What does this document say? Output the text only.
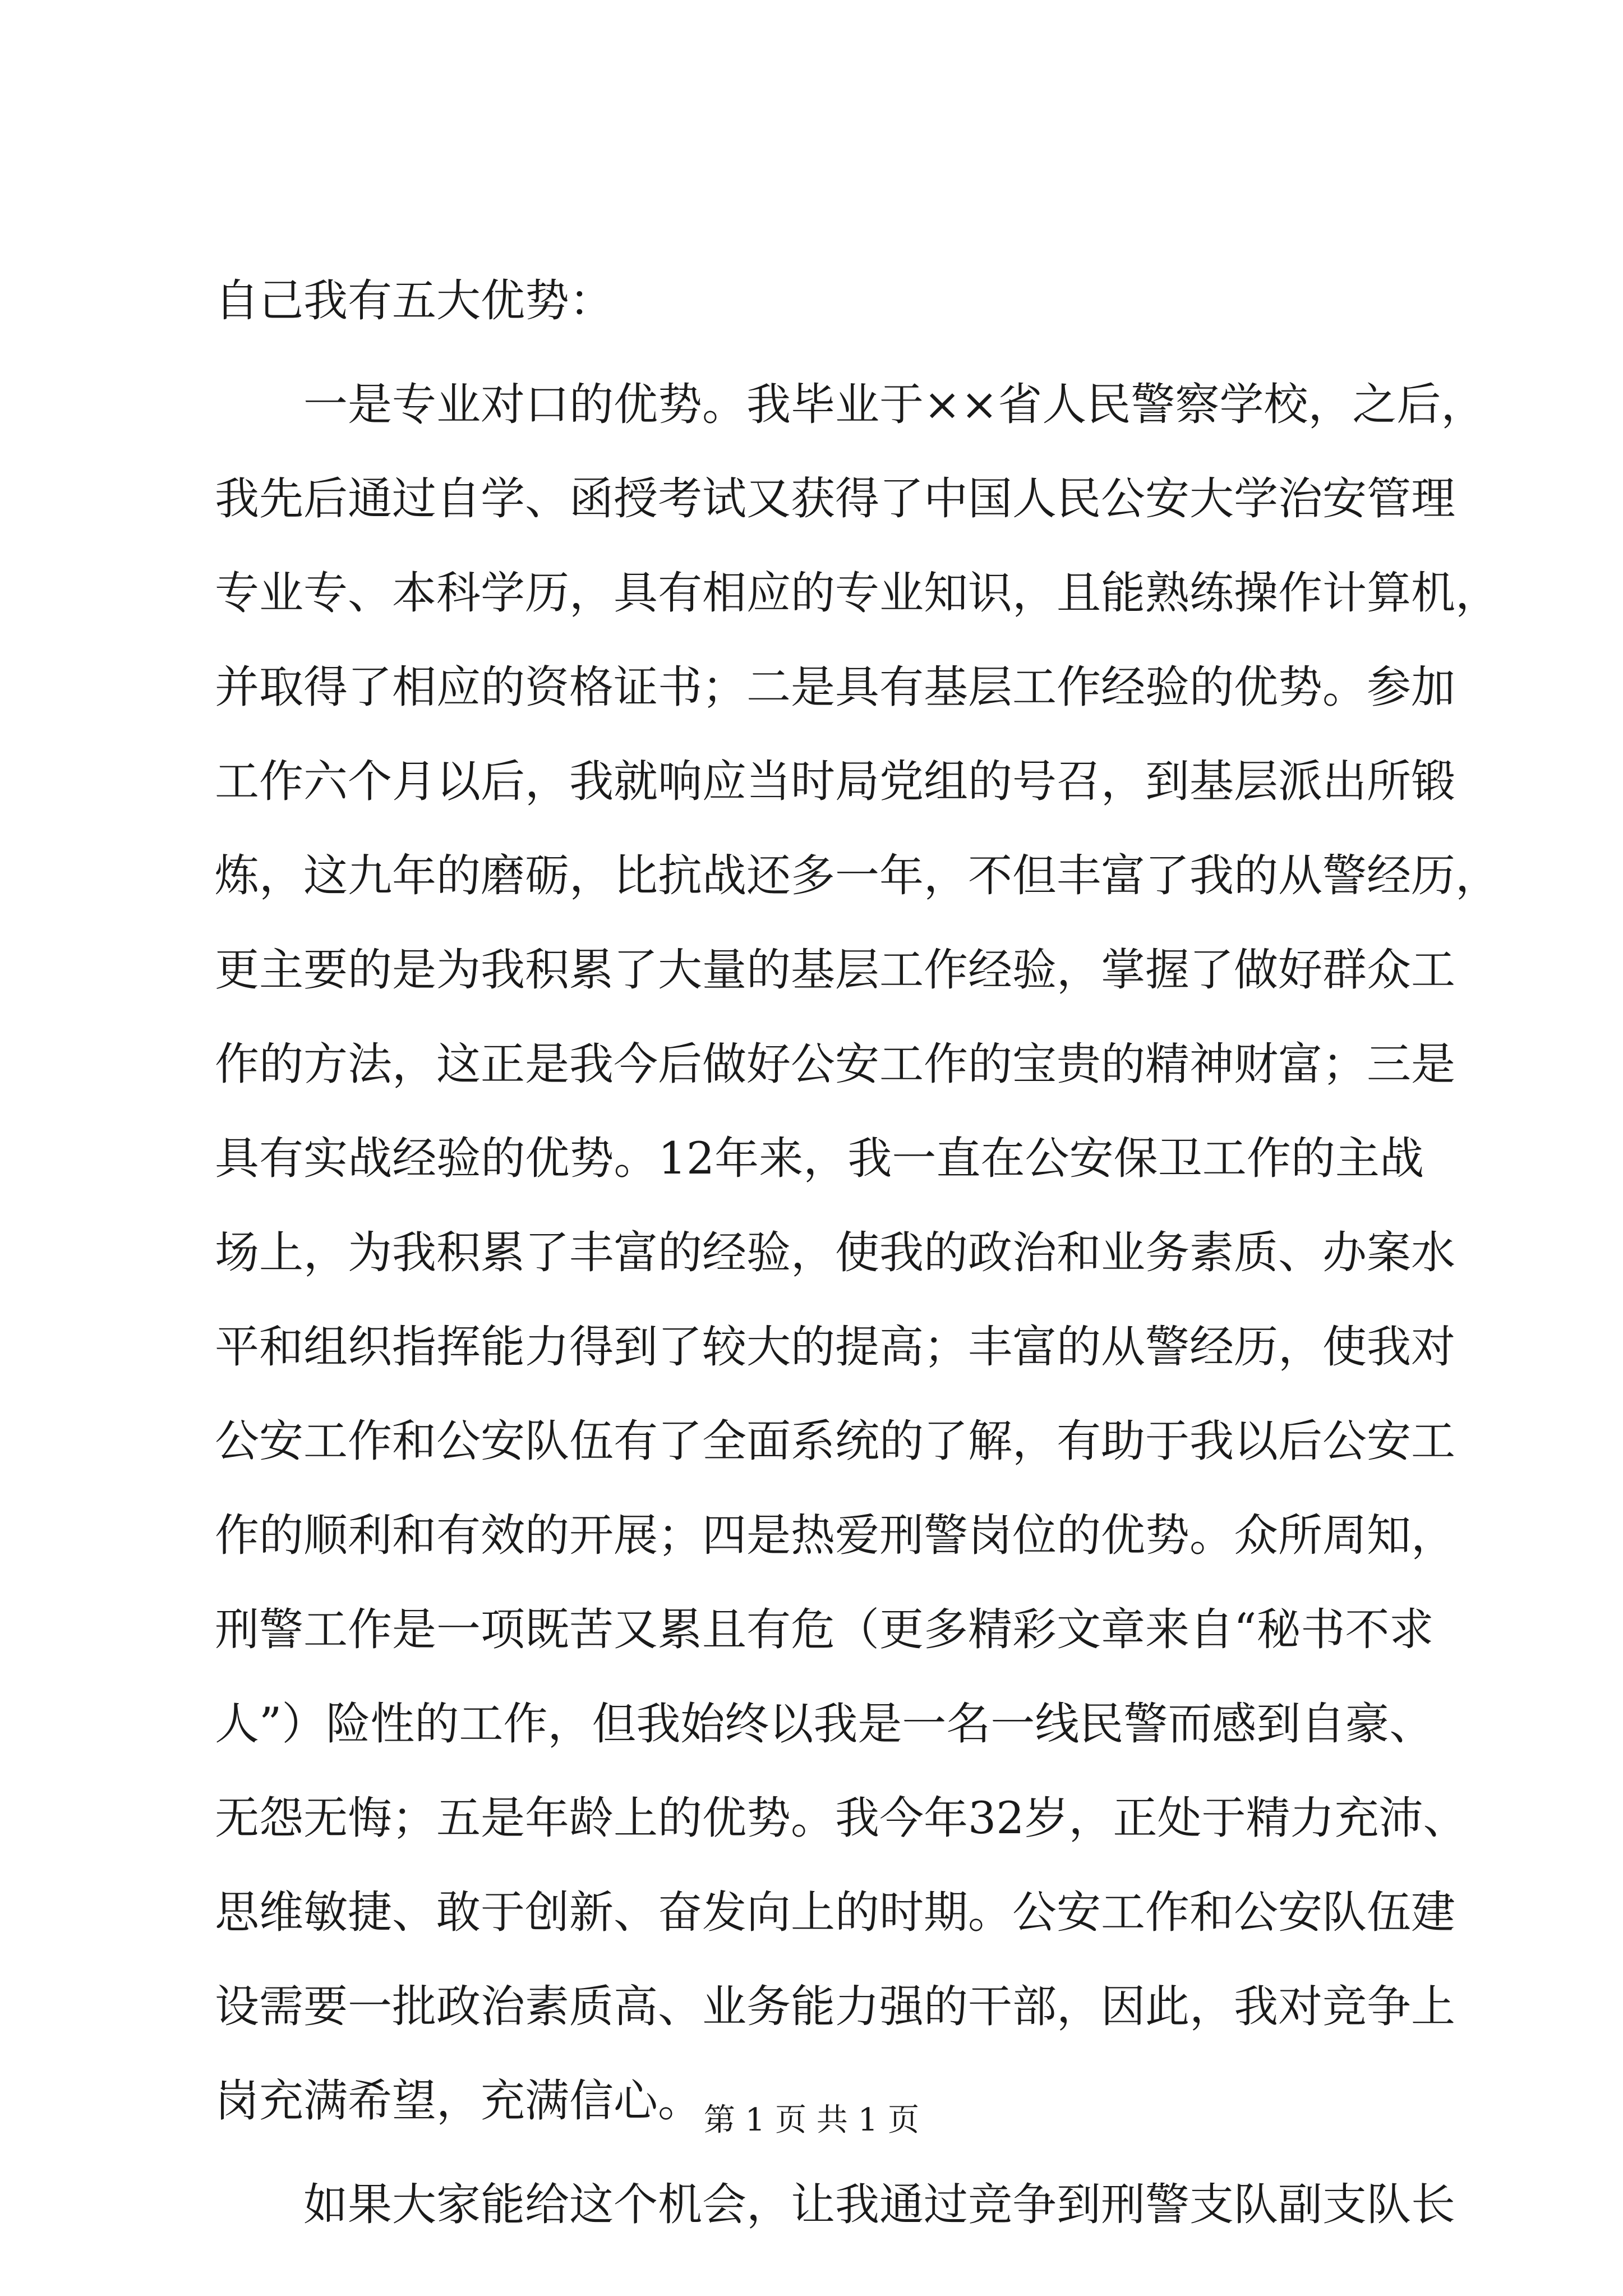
自己我有五大优势：
一是专业对口的优势。我毕业于××省人民警察学校，之后，
我先后通过自学、函授考试又获得了中国人民公安大学治安管理
专业专、本科学历，具有相应的专业知识，且能熟练操作计算机，
并取得了相应的资格证书；二是具有基层工作经验的优势。参加
工作六个月以后，我就响应当时局党组的号召，到基层派出所锻
炼，这九年的磨砺，比抗战还多一年，不但丰富了我的从警经历，
更主要的是为我积累了大量的基层工作经验，掌握了做好群众工
作的方法，这正是我今后做好公安工作的宝贵的精神财富；三是
具有实战经验的优势。12年来，我一直在公安保卫工作的主战
场上，为我积累了丰富的经验，使我的政治和业务素质、办案水
平和组织指挥能力得到了较大的提高；丰富的从警经历，使我对
公安工作和公安队伍有了全面系统的了解，有助于我以后公安工
作的顺利和有效的开展；四是热爱刑警岗位的优势。众所周知，
刑警工作是一项既苦又累且有危（更多精彩文章来自“秘书不求
人”）险性的工作，但我始终以我是一名一线民警而感到自豪、
无怨无悔；五是年龄上的优势。我今年32岁，正处于精力充沛、
思维敏捷、敢于创新、奋发向上的时期。公安工作和公安队伍建
设需要一批政治素质高、业务能力强的干部，因此，我对竞争上
岗充满希望，充满信心。
如果大家能给这个机会，让我通过竞争到刑警支队副支队长
第 1 页 共 1 页
